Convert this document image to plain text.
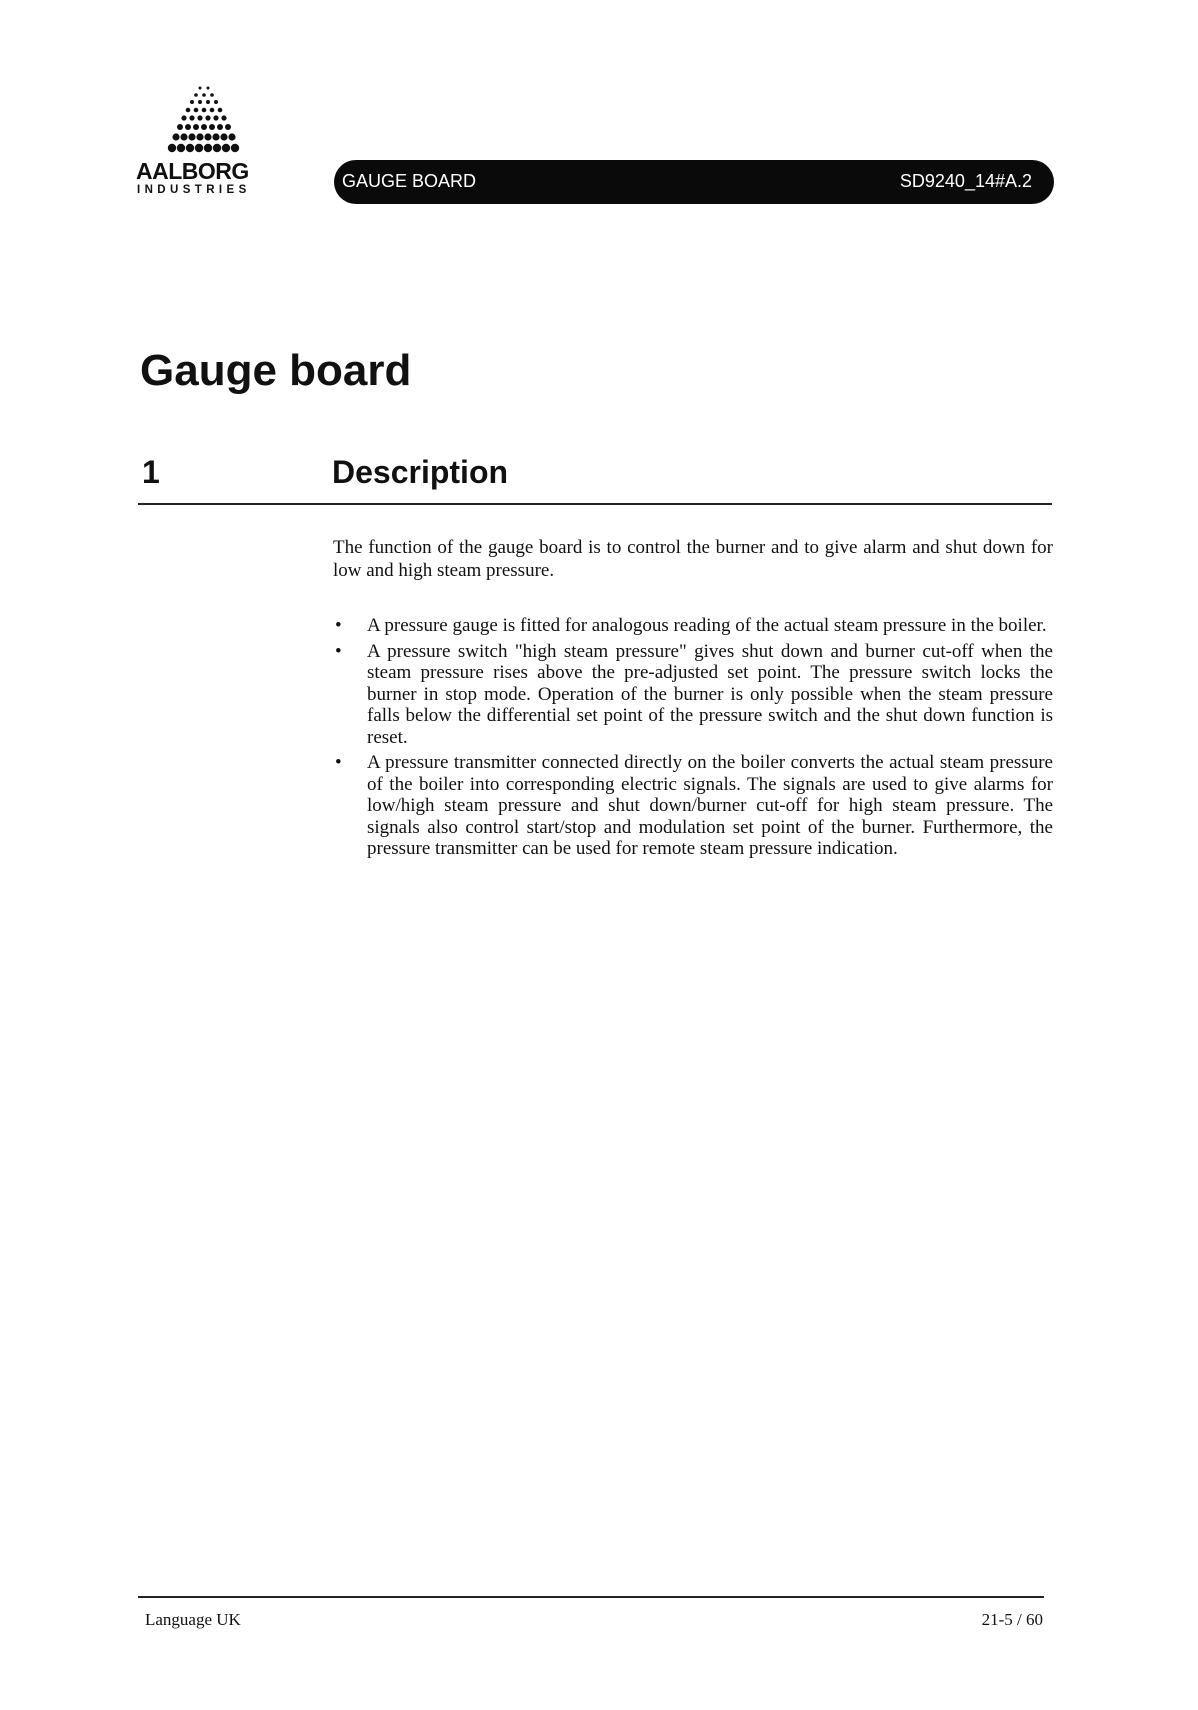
AALBORG
INDUSTRIES	GAUGE BOARD	SD9240_14#A.2
Gauge board
1	Description

The function of the gauge board is to control the burner and to give alarm and shut down for low and high steam pressure.

• A pressure gauge is fitted for analogous reading of the actual steam pressure in the boiler.
• A pressure switch "high steam pressure" gives shut down and burner cut-off when the steam pressure rises above the pre-adjusted set point. The pressure switch locks the burner in stop mode. Operation of the burner is only possible when the steam pressure falls below the differential set point of the pressure switch and the shut down function is reset.
• A pressure transmitter connected directly on the boiler converts the actual steam pressure of the boiler into corresponding electric signals. The signals are used to give alarms for low/high steam pressure and shut down/burner cut-off for high steam pressure. The signals also control start/stop and modulation set point of the burner. Furthermore, the pressure transmitter can be used for remote steam pressure indication.
Language UK	21-5 / 60
